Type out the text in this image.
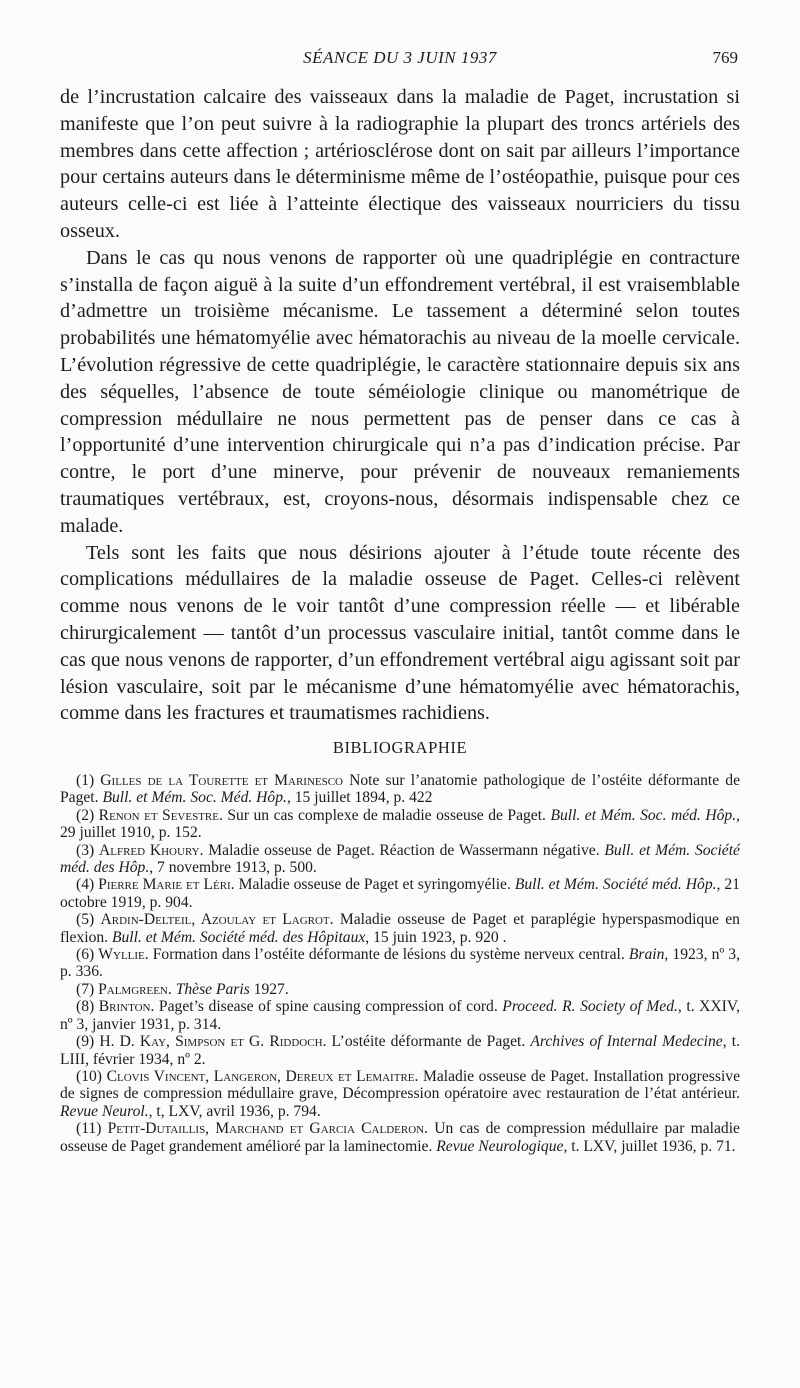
SÉANCE DU 3 JUIN 1937	769

de l’incrustation calcaire des vaisseaux dans la maladie de Paget, incrustation si manifeste que l’on peut suivre à la radiographie la plupart des troncs artériels des membres dans cette affection ; artériosclérose dont on sait par ailleurs l’importance pour certains auteurs dans le déterminisme même de l’ostéopathie, puisque pour ces auteurs celle-ci est liée à l’atteinte électique des vaisseaux nourriciers du tissu osseux.

Dans le cas qu nous venons de rapporter où une quadriplégie en contracture s’installa de façon aiguë à la suite d’un effondrement vertébral, il est vraisemblable d’admettre un troisième mécanisme. Le tassement a déterminé selon toutes probabilités une hématomyélie avec hématorachis au niveau de la moelle cervicale. L’évolution régressive de cette quadriplégie, le caractère stationnaire depuis six ans des séquelles, l’absence de toute séméiologie clinique ou manométrique de compression médullaire ne nous permettent pas de penser dans ce cas à l’opportunité d’une intervention chirurgicale qui n’a pas d’indication précise. Par contre, le port d’une minerve, pour prévenir de nouveaux remaniements traumatiques vertébraux, est, croyons-nous, désormais indispensable chez ce malade.

Tels sont les faits que nous désirions ajouter à l’étude toute récente des complications médullaires de la maladie osseuse de Paget. Celles-ci relèvent comme nous venons de le voir tantôt d’une compression réelle — et libérable chirurgicalement — tantôt d’un processus vasculaire initial, tantôt comme dans le cas que nous venons de rapporter, d’un effondrement vertébral aigu agissant soit par lésion vasculaire, soit par le mécanisme d’une hématomyélie avec hématorachis, comme dans les fractures et traumatismes rachidiens.

BIBLIOGRAPHIE

(1) Gilles de la Tourette et Marinesco Note sur l’anatomie pathologique de l’ostéite déformante de Paget. Bull. et Mém. Soc. Méd. Hôp., 15 juillet 1894, p. 422

(2) Renon et Sevestre. Sur un cas complexe de maladie osseuse de Paget. Bull. et Mém. Soc. méd. Hôp., 29 juillet 1910, p. 152.

(3) Alfred Khoury. Maladie osseuse de Paget. Réaction de Wassermann négative. Bull. et Mém. Société méd. des Hôp., 7 novembre 1913, p. 500.

(4) Pierre Marie et Léri. Maladie osseuse de Paget et syringomyélie. Bull. et Mém. Société méd. Hôp., 21 octobre 1919, p. 904.

(5) Ardin-Delteil, Azoulay et Lagrot. Maladie osseuse de Paget et paraplégie hyperspasmodique en flexion. Bull. et Mém. Société méd. des Hôpitaux, 15 juin 1923, p. 920 .

(6) Wyllie. Formation dans l’ostéite déformante de lésions du système nerveux central. Brain, 1923, nº 3, p. 336.

(7) Palmgreen. Thèse Paris 1927.

(8) Brinton. Paget’s disease of spine causing compression of cord. Proceed. R. Society of Med., t. XXIV, nº 3, janvier 1931, p. 314.

(9) H. D. Kay, Simpson et G. Riddoch. L’ostéite déformante de Paget. Archives of Internal Medecine, t. LIII, février 1934, nº 2.

(10) Clovis Vincent, Langeron, Dereux et Lemaitre. Maladie osseuse de Paget. Installation progressive de signes de compression médullaire grave, Décompression opératoire avec restauration de l’état antérieur. Revue Neurol., t, LXV, avril 1936, p. 794.

(11) Petit-Dutaillis, Marchand et Garcia Calderon. Un cas de compression médullaire par maladie osseuse de Paget grandement amélioré par la laminectomie. Revue Neurologique, t. LXV, juillet 1936, p. 71.
